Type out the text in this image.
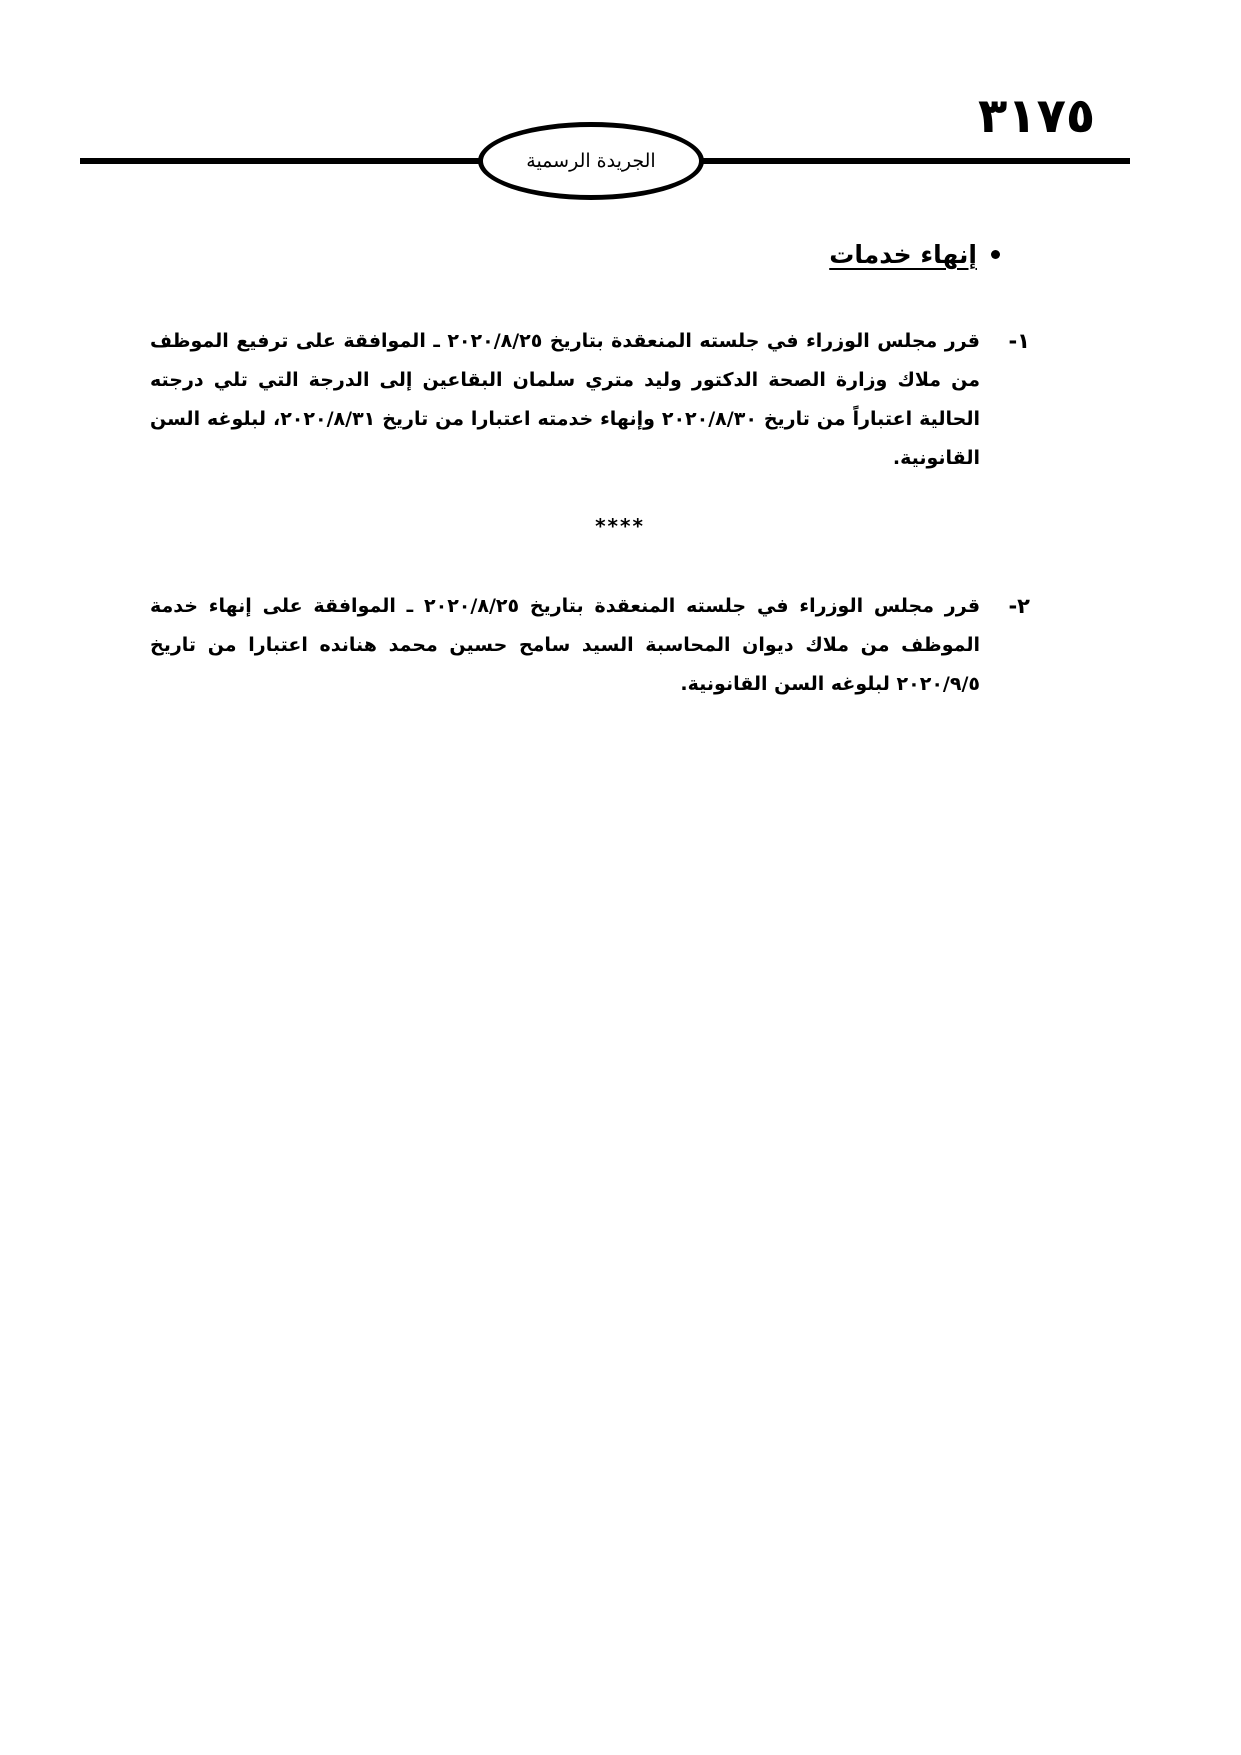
٣١٧٥
الجريدة الرسمية
إنهاء خدمات
١-
قرر مجلس الوزراء في جلسته المنعقدة بتاريخ ٢٠٢٠/٨/٢٥ ـ الموافقة على ترفيع الموظف من ملاك وزارة الصحة الدكتور وليد متري سلمان البقاعين إلى الدرجة التي تلي درجته الحالية اعتباراً من تاريخ ٢٠٢٠/٨/٣٠ وإنهاء خدمته اعتبارا من تاريخ ٢٠٢٠/٨/٣١، لبلوغه السن القانونية.
****
٢-
قرر مجلس الوزراء في جلسته المنعقدة بتاريخ ٢٠٢٠/٨/٢٥ ـ الموافقة على إنهاء خدمة الموظف من ملاك ديوان المحاسبة السيد سامح حسين محمد هنانده اعتبارا من تاريخ ٢٠٢٠/٩/٥ لبلوغه السن القانونية.
